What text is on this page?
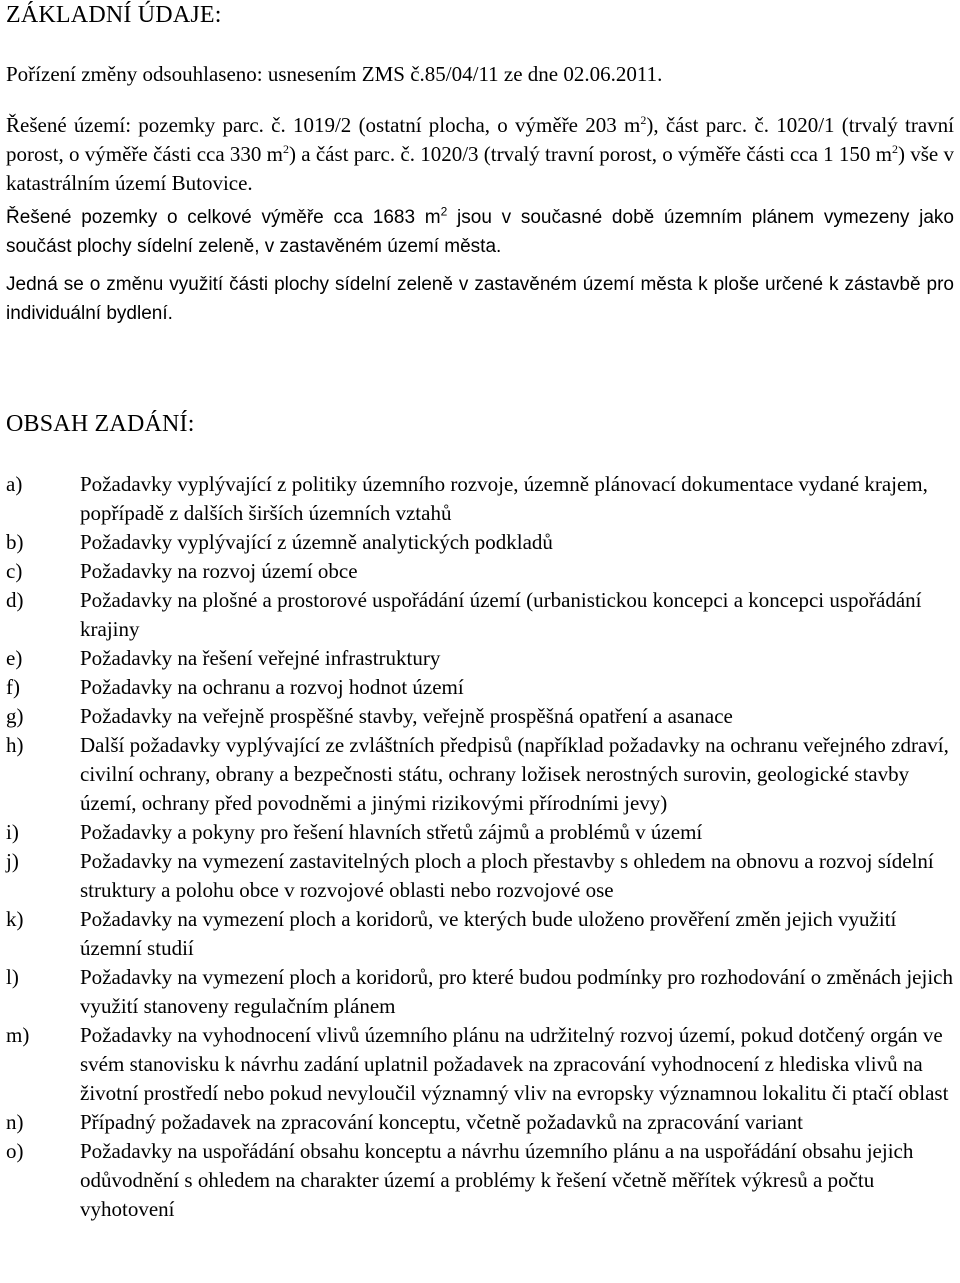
ZÁKLADNÍ ÚDAJE:
Pořízení změny odsouhlaseno: usnesením ZMS č.85/04/11 ze dne 02.06.2011.
Řešené území: pozemky parc. č. 1019/2 (ostatní plocha, o výměře 203 $m^2$), část parc. č. 1020/1 (trvalý travní porost, o výměře části cca 330 $m^2$) a část parc. č. 1020/3 (trvalý travní porost, o výměře části cca 1 150 $m^2$) vše v katastrálním území Butovice.
Řešené pozemky o celkové výměře cca 1683 $m^2$ jsou v současné době územním plánem vymezeny jako součást plochy sídelní zeleně, v zastavěném území města.
Jedná se o změnu využití části plochy sídelní zeleně v zastavěném území města k ploše určené k zástavbě pro individuální bydlení.
OBSAH ZADÁNÍ:
a)	Požadavky vyplývající z politiky územního rozvoje, územně plánovací dokumentace vydané krajem, popřípadě z dalších širších územních vztahů
b)	Požadavky vyplývající z územně analytických podkladů
c)	Požadavky na rozvoj území obce
d)	Požadavky na plošné a prostorové uspořádání území (urbanistickou koncepci a koncepci uspořádání krajiny
e)	Požadavky na řešení veřejné infrastruktury
f)	Požadavky na ochranu a rozvoj hodnot území
g)	Požadavky na veřejně prospěšné stavby, veřejně prospěšná opatření a asanace
h)	Další požadavky vyplývající ze zvláštních předpisů (například požadavky na ochranu veřejného zdraví, civilní ochrany, obrany a bezpečnosti státu, ochrany ložisek nerostných surovin, geologické stavby území, ochrany před povodněmi a jinými rizikovými přírodními jevy)
i)	Požadavky a pokyny pro řešení hlavních střetů zájmů a problémů v území
j)	Požadavky na vymezení zastavitelných ploch a ploch přestavby s ohledem na obnovu a rozvoj sídelní struktury a polohu obce v rozvojové oblasti nebo rozvojové ose
k)	Požadavky na vymezení ploch a koridorů, ve kterých bude uloženo prověření změn jejich využití územní studií
l)	Požadavky na vymezení ploch a koridorů, pro které budou podmínky pro rozhodování o změnách jejich využití stanoveny regulačním plánem
m)	Požadavky na vyhodnocení vlivů územního plánu na udržitelný rozvoj území, pokud dotčený orgán ve svém stanovisku k návrhu zadání uplatnil požadavek na zpracování vyhodnocení z hlediska vlivů na životní prostředí nebo pokud nevyloučil významný vliv na evropsky významnou lokalitu či ptačí oblast
n)	Případný požadavek na zpracování konceptu, včetně požadavků na zpracování variant
o)	Požadavky na uspořádání obsahu konceptu a návrhu územního plánu a na uspořádání obsahu jejich odůvodnění s ohledem na charakter území a problémy k řešení včetně měřítek výkresů a počtu vyhotovení
